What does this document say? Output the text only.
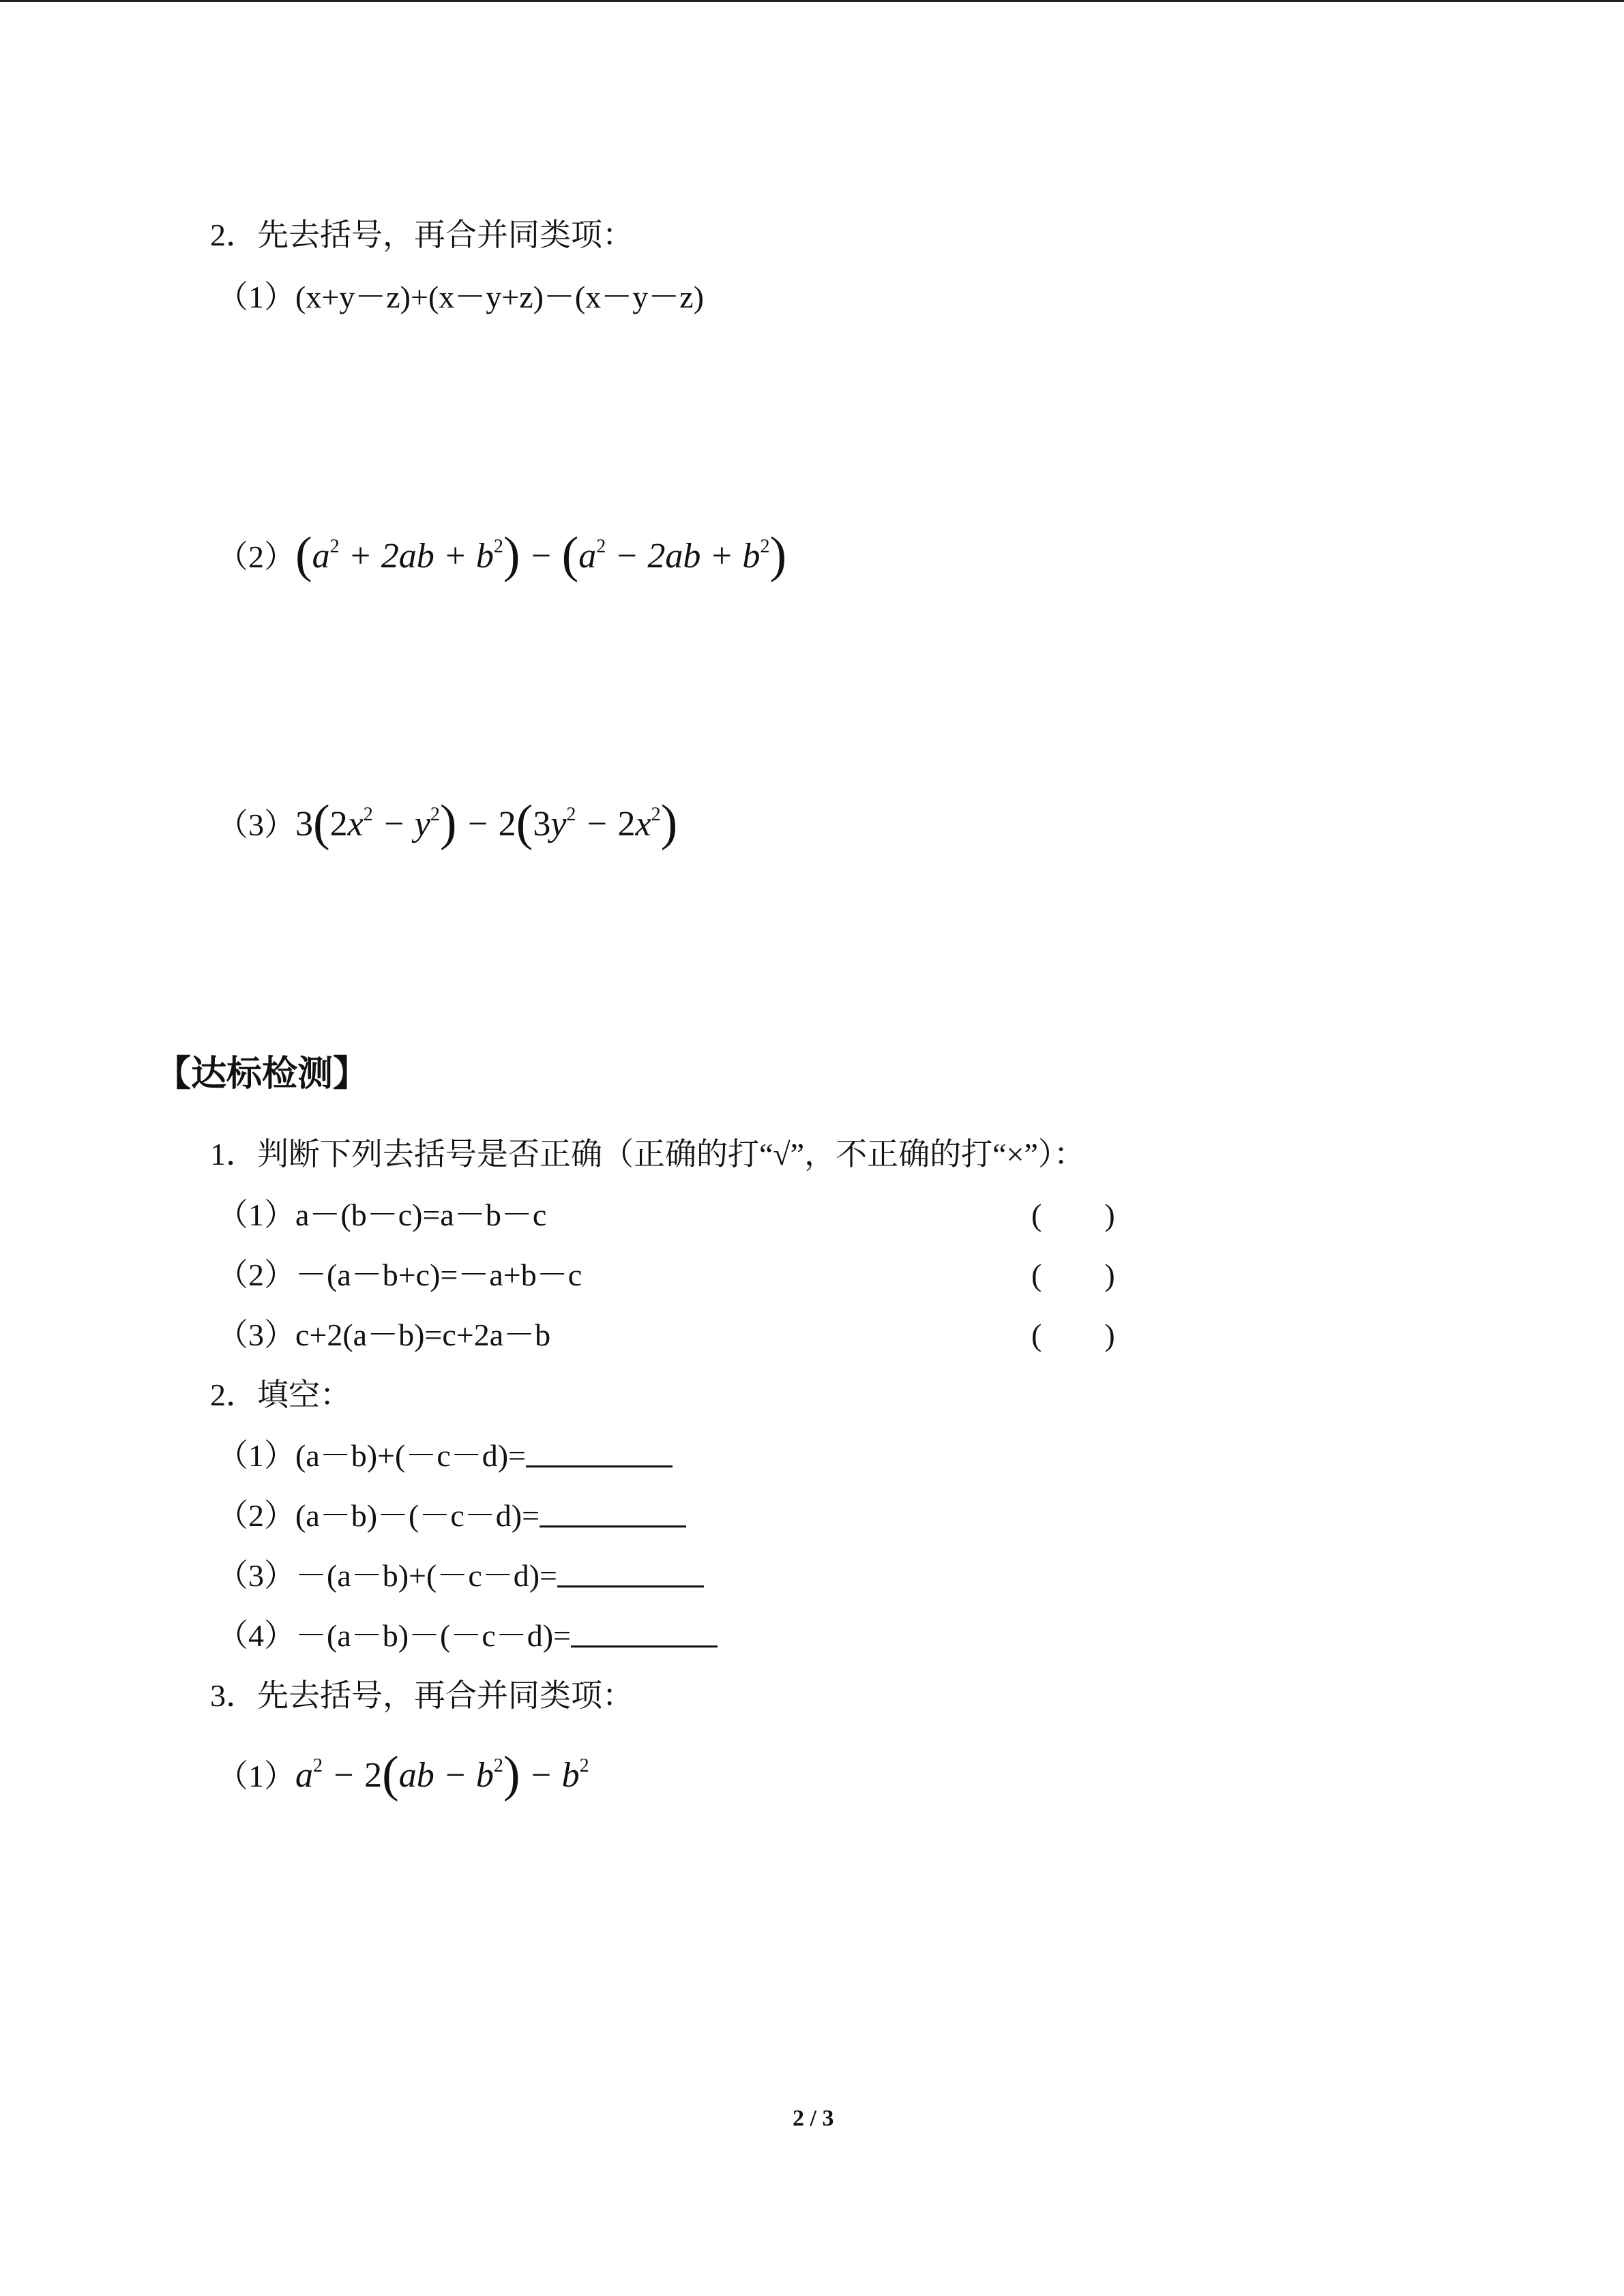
2．先去括号，再合并同类项：
（1）(x+y－z)+(x－y+z)－(x－y－z)
$(2)(a^2 + 2ab + b^2) - (a^2 - 2ab + b^2)$
$(3)3(2x^2 - y^2) - 2(3y^2 - 2x^2)$
【达标检测】
1．判断下列去括号是否正确（正确的打“√”，不正确的打“×”）：
（1）a－(b－c)=a－b－c	(        )
（2）－(a－b+c)=－a+b－c	(        )
（3）c+2(a－b)=c+2a－b	(        )
2．填空：
（1）(a－b)+(－c－d)=
（2）(a－b)－(－c－d)=
（3）－(a－b)+(－c－d)=
（4）－(a－b)－(－c－d)=
3．先去括号，再合并同类项：
$(1)a^2 - 2(ab - b^2) - b^2$
2 / 3
